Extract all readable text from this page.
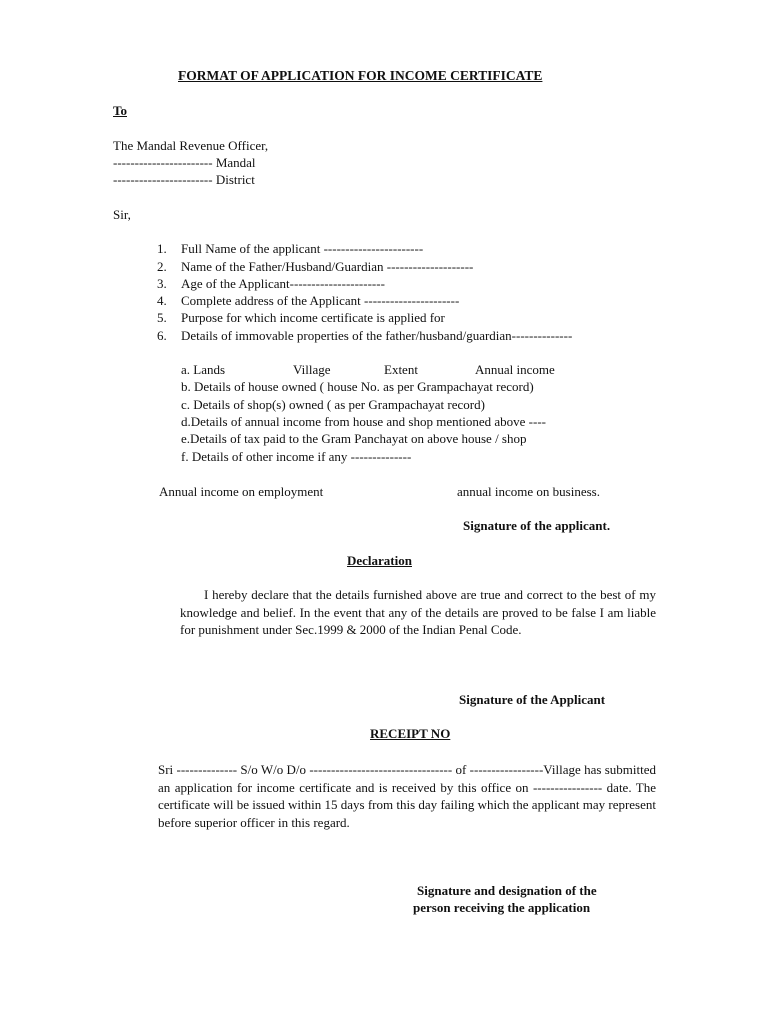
FORMAT OF APPLICATION FOR INCOME CERTIFICATE
To
The Mandal Revenue Officer,
----------------------- Mandal
----------------------- District
Sir,
1. Full Name of the applicant -----------------------
2. Name of the Father/Husband/Guardian --------------------
3. Age of the Applicant----------------------
4. Complete address of the Applicant ----------------------
5. Purpose for which income certificate is applied for
6. Details of immovable properties of the father/husband/guardian--------------
a. Lands	Village	Extent	Annual income
b. Details of house owned ( house No. as per Grampachayat record)
c. Details of shop(s) owned ( as per Grampachayat record)
d.Details of annual income from house and shop mentioned above ----
e.Details of tax paid to the Gram Panchayat on above house / shop
f. Details of other income if any --------------
Annual income on employment	annual income on business.
Signature of the applicant.
Declaration
I hereby declare that the details furnished above are true and correct to the best of my knowledge and belief. In the event that any of the details are proved to be false I am liable for punishment under Sec.1999 & 2000 of the Indian Penal Code.
Signature of the Applicant
RECEIPT NO
Sri -------------- S/o W/o D/o --------------------------------- of -----------------Village has submitted an application for income certificate and is received by this office on ---------------- date. The certificate will be issued within 15 days from this day failing which the applicant may represent before superior officer in this regard.
Signature and designation of the
person receiving the application
